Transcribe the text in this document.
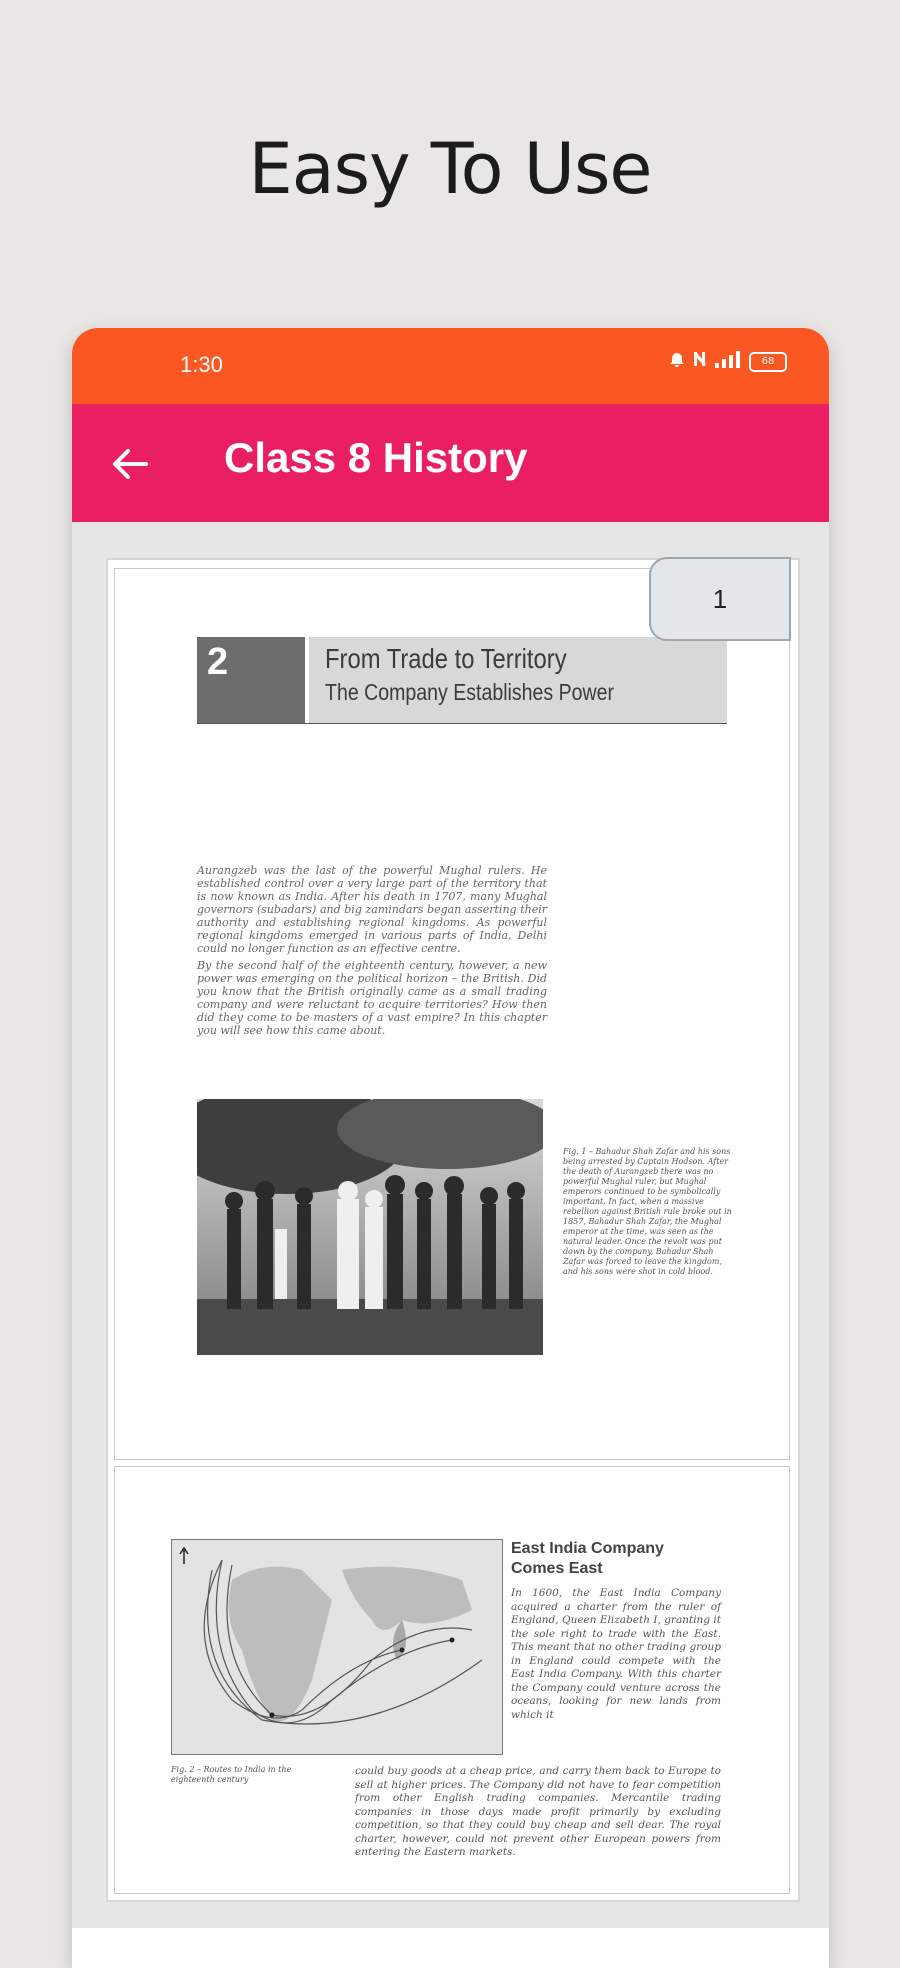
Easy To Use
1:30	68
Class 8 History
2	From Trade to Territory
The Company Establishes Power

Aurangzeb was the last of the powerful Mughal rulers. He established control over a very large part of the territory that is now known as India. After his death in 1707, many Mughal governors (subadars) and big zamindars began asserting their authority and establishing regional kingdoms. As powerful regional kingdoms emerged in various parts of India, Delhi could no longer function as an effective centre.

By the second half of the eighteenth century, however, a new power was emerging on the political horizon – the British. Did you know that the British originally came as a small trading company and were reluctant to acquire territories? How then did they come to be masters of a vast empire? In this chapter you will see how this came about.

Fig. 1 – Bahadur Shah Zafar and his sons being arrested by Captain Hodson. After the death of Aurangzeb there was no powerful Mughal ruler, but Mughal emperors continued to be symbolically important. In fact, when a massive rebellion against British rule broke out in 1857, Bahadur Shah Zafar, the Mughal emperor at the time, was seen as the natural leader. Once the revolt was put down by the company, Bahadur Shah Zafar was forced to leave the kingdom, and his sons were shot in cold blood.
1
Fig. 2 – Routes to India in the eighteenth century
East India Company Comes East
In 1600, the East India Company acquired a charter from the ruler of England, Queen Elizabeth I, granting it the sole right to trade with the East. This meant that no other trading group in England could compete with the East India Company. With this charter the Company could venture across the oceans, looking for new lands from which it
could buy goods at a cheap price, and carry them back to Europe to sell at higher prices. The Company did not have to fear competition from other English trading companies. Mercantile trading companies in those days made profit primarily by excluding competition, so that they could buy cheap and sell dear. The royal charter, however, could not prevent other European powers from entering the Eastern markets.
